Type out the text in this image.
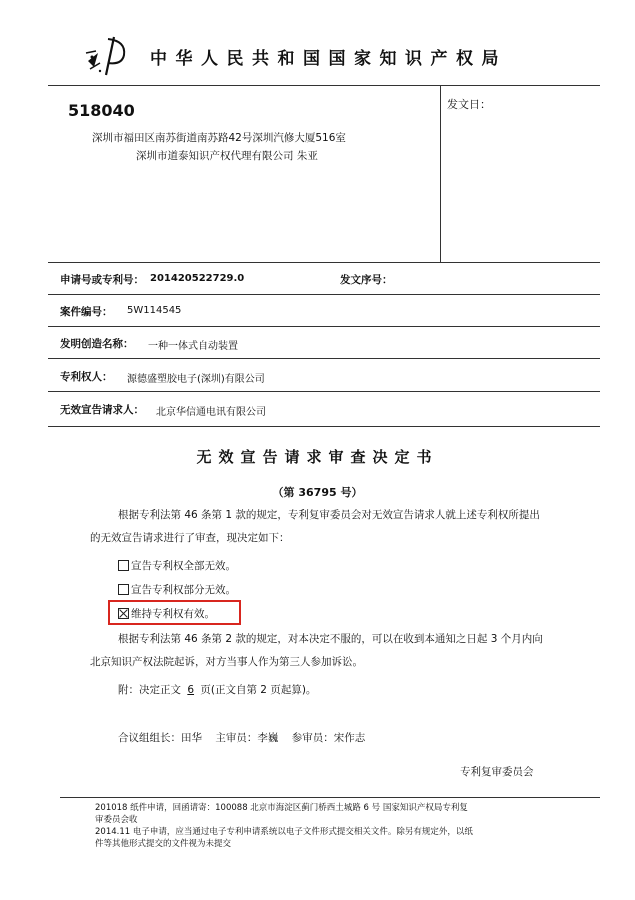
中华人民共和国国家知识产权局
518040
深圳市福田区南苏街道南苏路42号深圳汽修大厦516室
深圳市道泰知识产权代理有限公司 朱亚
发文日：
申请号或专利号： 201420522729.0	发文序号：
案件编号： 5W114545
发明创造名称： 一种一体式自动装置
专利权人： 源德盛塑胶电子(深圳)有限公司
无效宣告请求人： 北京华信通电讯有限公司
无效宣告请求审查决定书
（第 36795 号）
根据专利法第 46 条第 1 款的规定，专利复审委员会对无效宣告请求人就上述专利权所提出的无效宣告请求进行了审查，现决定如下：
宣告专利权全部无效。
宣告专利权部分无效。
维持专利权有效。
根据专利法第 46 条第 2 款的规定，对本决定不服的，可以在收到本通知之日起 3 个月内向北京知识产权法院起诉，对方当事人作为第三人参加诉讼。
附：决定正文 6 页(正文自第 2 页起算)。
合议组组长：田华    主审员：李巍    参审员：宋作志
专利复审委员会
201018 纸件申请，回函请寄：100088 北京市海淀区蓟门桥西土城路 6 号 国家知识产权局专利复
审委员会收
2014.11 电子申请，应当通过电子专利申请系统以电子文件形式提交相关文件。除另有规定外，以纸
件等其他形式提交的文件视为未提交
